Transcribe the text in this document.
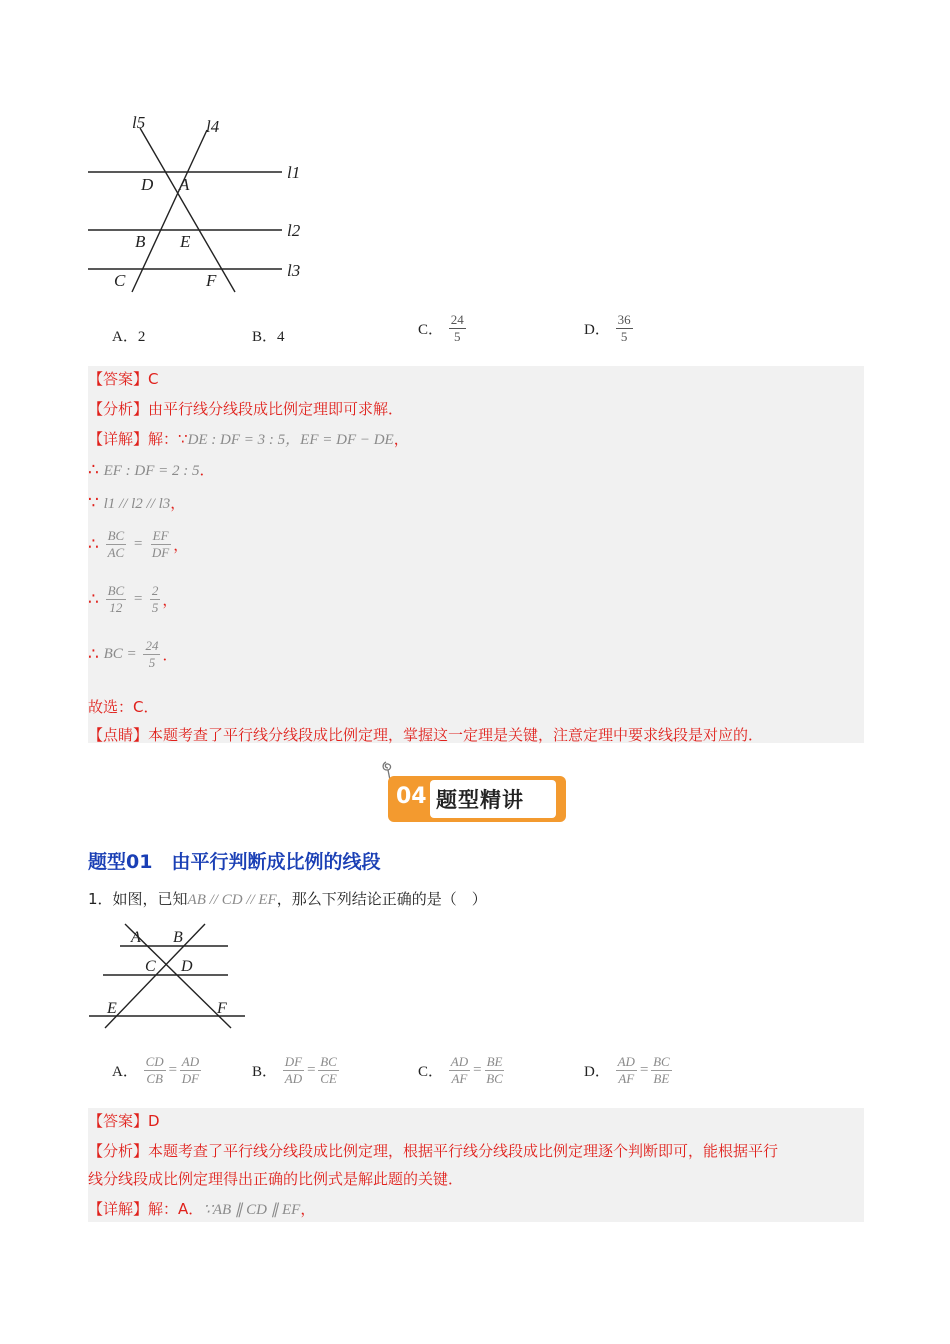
l5	l4
l1
l2
l3
D A
B E
C	F
A．2	B．4	C． $\frac{24}{5}$	D． $\frac{36}{5}$
【答案】C
【分析】由平行线分线段成比例定理即可求解．
【详解】解：∵DE : DF = 3 : 5，EF = DF − DE，
∴ EF : DF = 2 : 5．
∵ l1 // l2 // l3，
∴ $\frac{BC}{AC} = \frac{EF}{DF}$ ，
∴ $\frac{BC}{12} = \frac{2}{5}$ ，
∴ BC = $\frac{24}{5}$ ．
故选：C．
【点睛】本题考查了平行线分线段成比例定理，掌握这一定理是关键，注意定理中要求线段是对应的．
04 题型精讲
题型01　由平行判断成比例的线段
1．如图，已知AB // CD // EF，那么下列结论正确的是（　）
A B
C D
E	F
A． $\frac{CD}{CB} = \frac{AD}{DF}$	B． $\frac{DF}{AD} = \frac{BC}{CE}$	C． $\frac{AD}{AF} = \frac{BE}{BC}$	D． $\frac{AD}{AF} = \frac{BC}{BE}$
【答案】D
【分析】本题考查了平行线分线段成比例定理，根据平行线分线段成比例定理逐个判断即可，能根据平行
线分线段成比例定理得出正确的比例式是解此题的关键．
【详解】解：A．∵AB ∥ CD ∥ EF，
